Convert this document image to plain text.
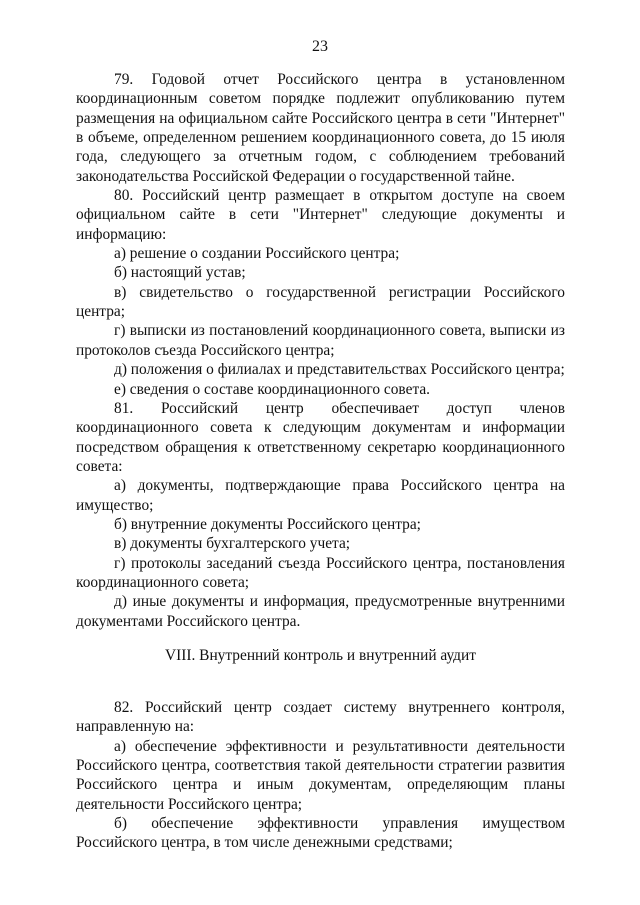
23

79. Годовой отчет Российского центра в установленном координационным советом порядке подлежит опубликованию путем размещения на официальном сайте Российского центра в сети "Интернет" в объеме, определенном решением координационного совета, до 15 июля года, следующего за отчетным годом, с соблюдением требований законодательства Российской Федерации о государственной тайне.

80. Российский центр размещает в открытом доступе на своем официальном сайте в сети "Интернет" следующие документы и информацию:

а) решение о создании Российского центра;

б) настоящий устав;

в) свидетельство о государственной регистрации Российского центра;

г) выписки из постановлений координационного совета, выписки из протоколов съезда Российского центра;

д) положения о филиалах и представительствах Российского центра;

е) сведения о составе координационного совета.

81. Российский центр обеспечивает доступ членов координационного совета к следующим документам и информации посредством обращения к ответственному секретарю координационного совета:

а) документы, подтверждающие права Российского центра на имущество;

б) внутренние документы Российского центра;

в) документы бухгалтерского учета;

г) протоколы заседаний съезда Российского центра, постановления координационного совета;

д) иные документы и информация, предусмотренные внутренними документами Российского центра.

VIII. Внутренний контроль и внутренний аудит

82. Российский центр создает систему внутреннего контроля, направленную на:

а) обеспечение эффективности и результативности деятельности Российского центра, соответствия такой деятельности стратегии развития Российского центра и иным документам, определяющим планы деятельности Российского центра;

б) обеспечение эффективности управления имуществом Российского центра, в том числе денежными средствами;
